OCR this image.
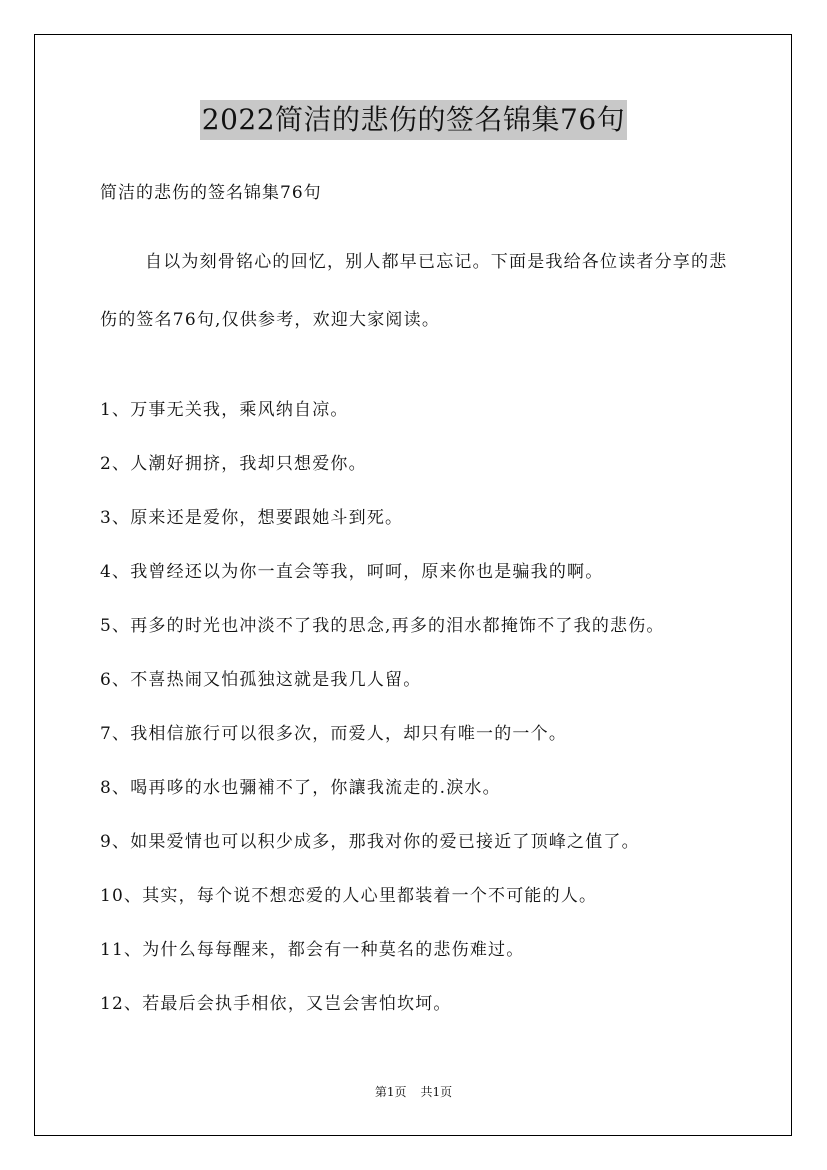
2022简洁的悲伤的签名锦集76句
简洁的悲伤的签名锦集76句
自以为刻骨铭心的回忆，别人都早已忘记。下面是我给各位读者分享的悲伤的签名76句,仅供参考，欢迎大家阅读。
1、万事无关我，乘风纳自凉。
2、人潮好拥挤，我却只想爱你。
3、原来还是爱你，想要跟她斗到死。
4、我曾经还以为你一直会等我，呵呵，原来你也是骗我的啊。
5、再多的时光也冲淡不了我的思念,再多的泪水都掩饰不了我的悲伤。
6、不喜热闹又怕孤独这就是我几人留。
7、我相信旅行可以很多次，而爱人，却只有唯一的一个。
8、喝再哆的水也彌補不了，你讓我流走的.淚水。
9、如果爱情也可以积少成多，那我对你的爱已接近了顶峰之值了。
10、其实，每个说不想恋爱的人心里都装着一个不可能的人。
11、为什么每每醒来，都会有一种莫名的悲伤难过。
12、若最后会执手相依，又岂会害怕坎坷。
第1页 共1页
